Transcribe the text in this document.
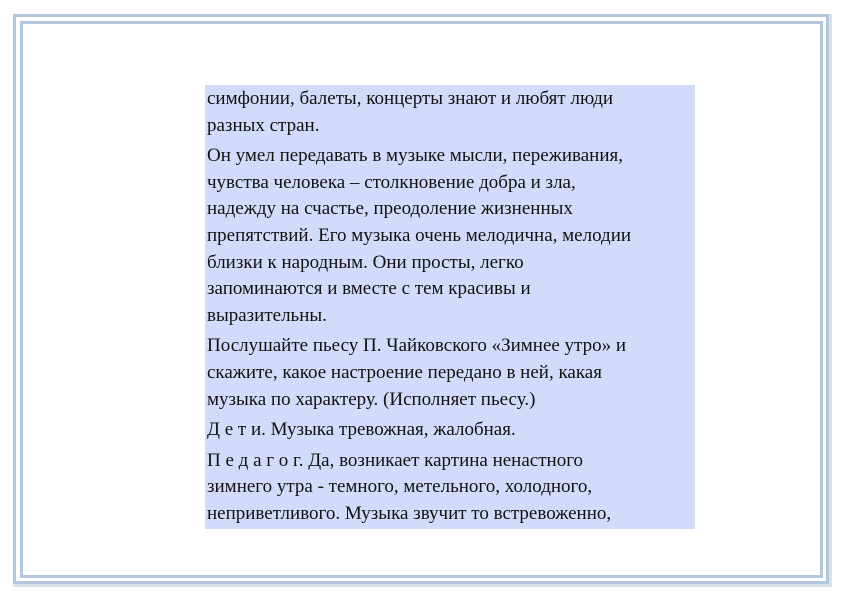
симфонии, балеты, концерты знают и любят люди
разных стран.

Он умел передавать в музыке мысли, переживания,
чувства человека – столкновение добра и зла,
надежду на счастье, преодоление жизненных
препятствий. Его музыка очень мелодична, мелодии
близки к народным. Они просты, легко
запоминаются и вместе с тем красивы и
выразительны.

Послушайте пьесу П. Чайковского «Зимнее утро» и
скажите, какое настроение передано в ней, какая
музыка по характеру. (Исполняет пьесу.)

Д е т и. Музыка тревожная, жалобная.

П е д а г о г. Да, возникает картина ненастного
зимнего утра - темного, метельного, холодного,
неприветливого. Музыка звучит то встревоженно,
